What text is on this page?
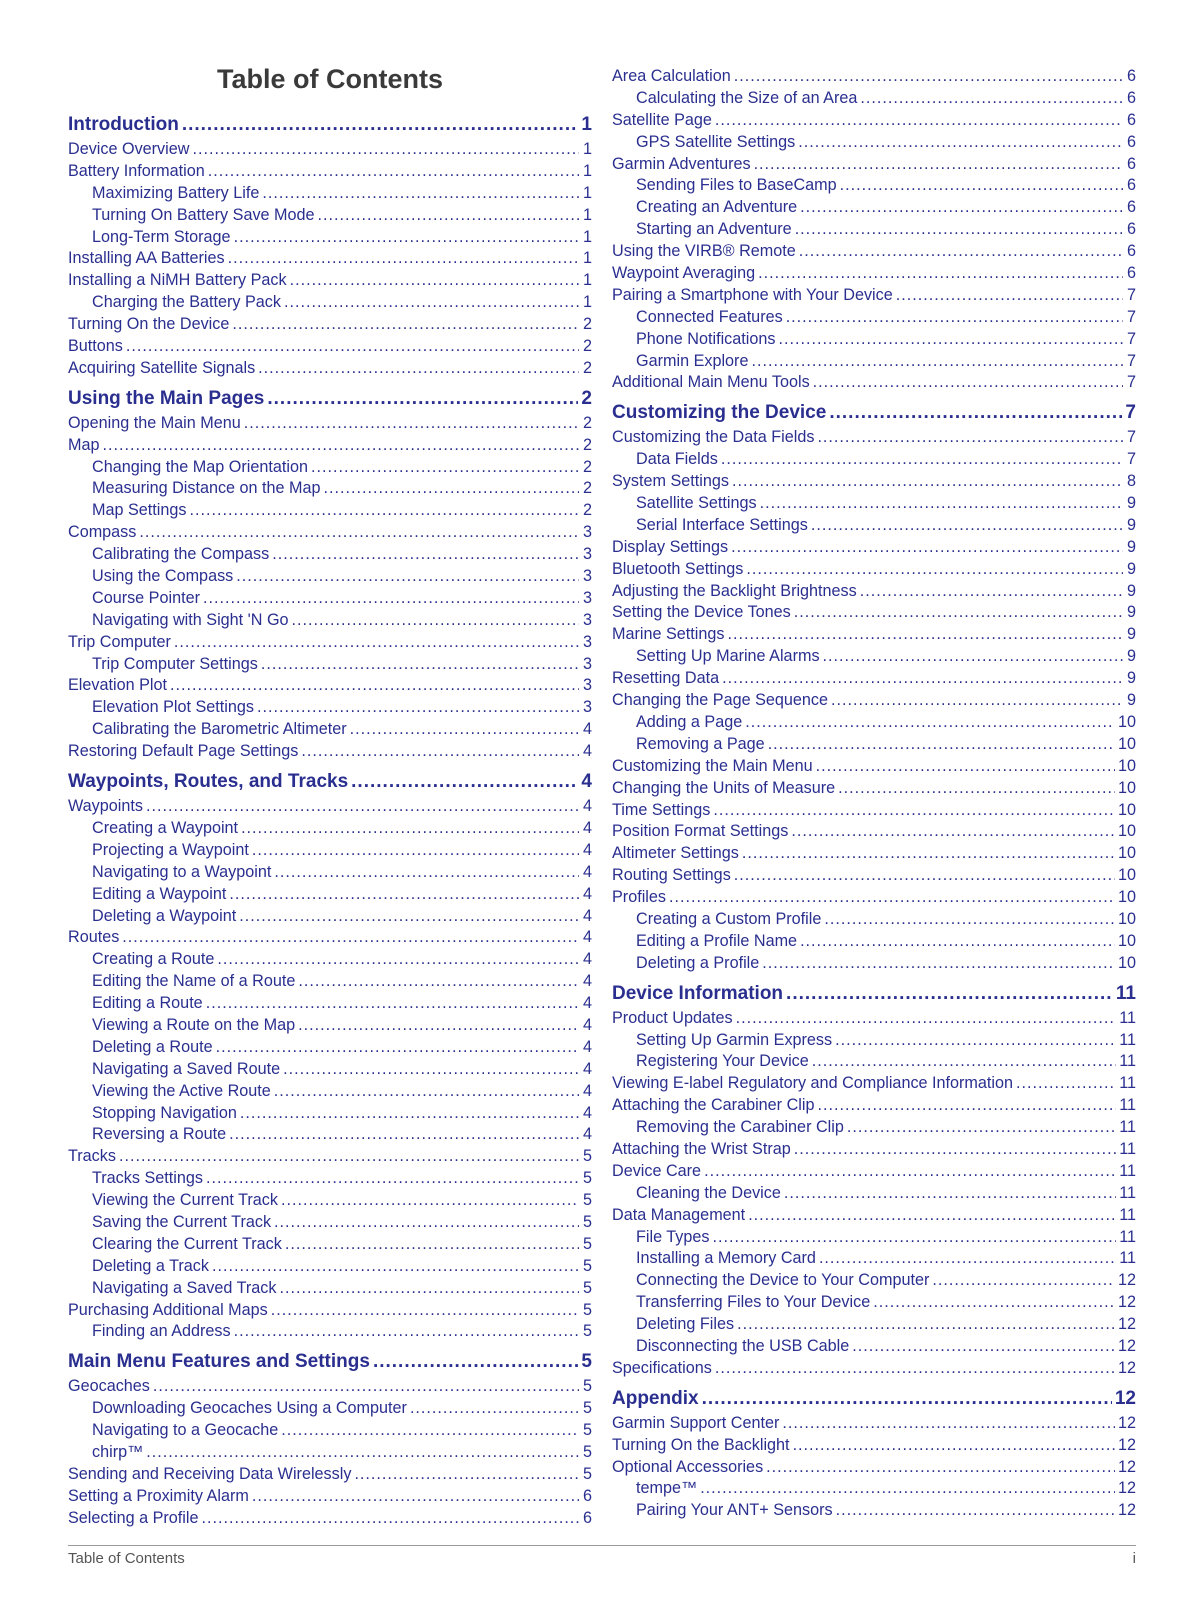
Table of Contents
Introduction .....	1
Device Overview .....	1
Battery Information .....	1
Maximizing Battery Life .....	1
Turning On Battery Save Mode .....	1
Long-Term Storage .....	1
Installing AA Batteries .....	1
Installing a NiMH Battery Pack .....	1
Charging the Battery Pack .....	1
Turning On the Device .....	2
Buttons .....	2
Acquiring Satellite Signals .....	2
Using the Main Pages .....	2
Opening the Main Menu .....	2
Map .....	2
Changing the Map Orientation .....	2
Measuring Distance on the Map .....	2
Map Settings .....	2
Compass .....	3
Calibrating the Compass .....	3
Using the Compass .....	3
Course Pointer .....	3
Navigating with Sight 'N Go .....	3
Trip Computer .....	3
Trip Computer Settings .....	3
Elevation Plot .....	3
Elevation Plot Settings .....	3
Calibrating the Barometric Altimeter .....	4
Restoring Default Page Settings .....	4
Waypoints, Routes, and Tracks .....	4
Waypoints .....	4
Creating a Waypoint .....	4
Projecting a Waypoint .....	4
Navigating to a Waypoint .....	4
Editing a Waypoint .....	4
Deleting a Waypoint .....	4
Routes .....	4
Creating a Route .....	4
Editing the Name of a Route .....	4
Editing a Route .....	4
Viewing a Route on the Map .....	4
Deleting a Route .....	4
Navigating a Saved Route .....	4
Viewing the Active Route .....	4
Stopping Navigation .....	4
Reversing a Route .....	4
Tracks .....	5
Tracks Settings .....	5
Viewing the Current Track .....	5
Saving the Current Track .....	5
Clearing the Current Track .....	5
Deleting a Track .....	5
Navigating a Saved Track .....	5
Purchasing Additional Maps .....	5
Finding an Address .....	5
Main Menu Features and Settings .....	5
Geocaches .....	5
Downloading Geocaches Using a Computer .....	5
Navigating to a Geocache .....	5
chirp™ .....	5
Sending and Receiving Data Wirelessly .....	5
Setting a Proximity Alarm .....	6
Selecting a Profile .....	6
Area Calculation .....	6
Calculating the Size of an Area .....	6
Satellite Page .....	6
GPS Satellite Settings .....	6
Garmin Adventures .....	6
Sending Files to BaseCamp .....	6
Creating an Adventure .....	6
Starting an Adventure .....	6
Using the VIRB® Remote .....	6
Waypoint Averaging .....	6
Pairing a Smartphone with Your Device .....	7
Connected Features .....	7
Phone Notifications .....	7
Garmin Explore .....	7
Additional Main Menu Tools .....	7
Customizing the Device .....	7
Customizing the Data Fields .....	7
Data Fields .....	7
System Settings .....	8
Satellite Settings .....	9
Serial Interface Settings .....	9
Display Settings .....	9
Bluetooth Settings .....	9
Adjusting the Backlight Brightness .....	9
Setting the Device Tones .....	9
Marine Settings .....	9
Setting Up Marine Alarms .....	9
Resetting Data .....	9
Changing the Page Sequence .....	9
Adding a Page .....	10
Removing a Page .....	10
Customizing the Main Menu .....	10
Changing the Units of Measure .....	10
Time Settings .....	10
Position Format Settings .....	10
Altimeter Settings .....	10
Routing Settings .....	10
Profiles .....	10
Creating a Custom Profile .....	10
Editing a Profile Name .....	10
Deleting a Profile .....	10
Device Information .....	11
Product Updates .....	11
Setting Up Garmin Express .....	11
Registering Your Device .....	11
Viewing E-label Regulatory and Compliance Information .....	11
Attaching the Carabiner Clip .....	11
Removing the Carabiner Clip .....	11
Attaching the Wrist Strap .....	11
Device Care .....	11
Cleaning the Device .....	11
Data Management .....	11
File Types .....	11
Installing a Memory Card .....	11
Connecting the Device to Your Computer .....	12
Transferring Files to Your Device .....	12
Deleting Files .....	12
Disconnecting the USB Cable .....	12
Specifications .....	12
Appendix .....	12
Garmin Support Center .....	12
Turning On the Backlight .....	12
Optional Accessories .....	12
tempe™ .....	12
Pairing Your ANT+ Sensors .....	12
Table of Contents	i
